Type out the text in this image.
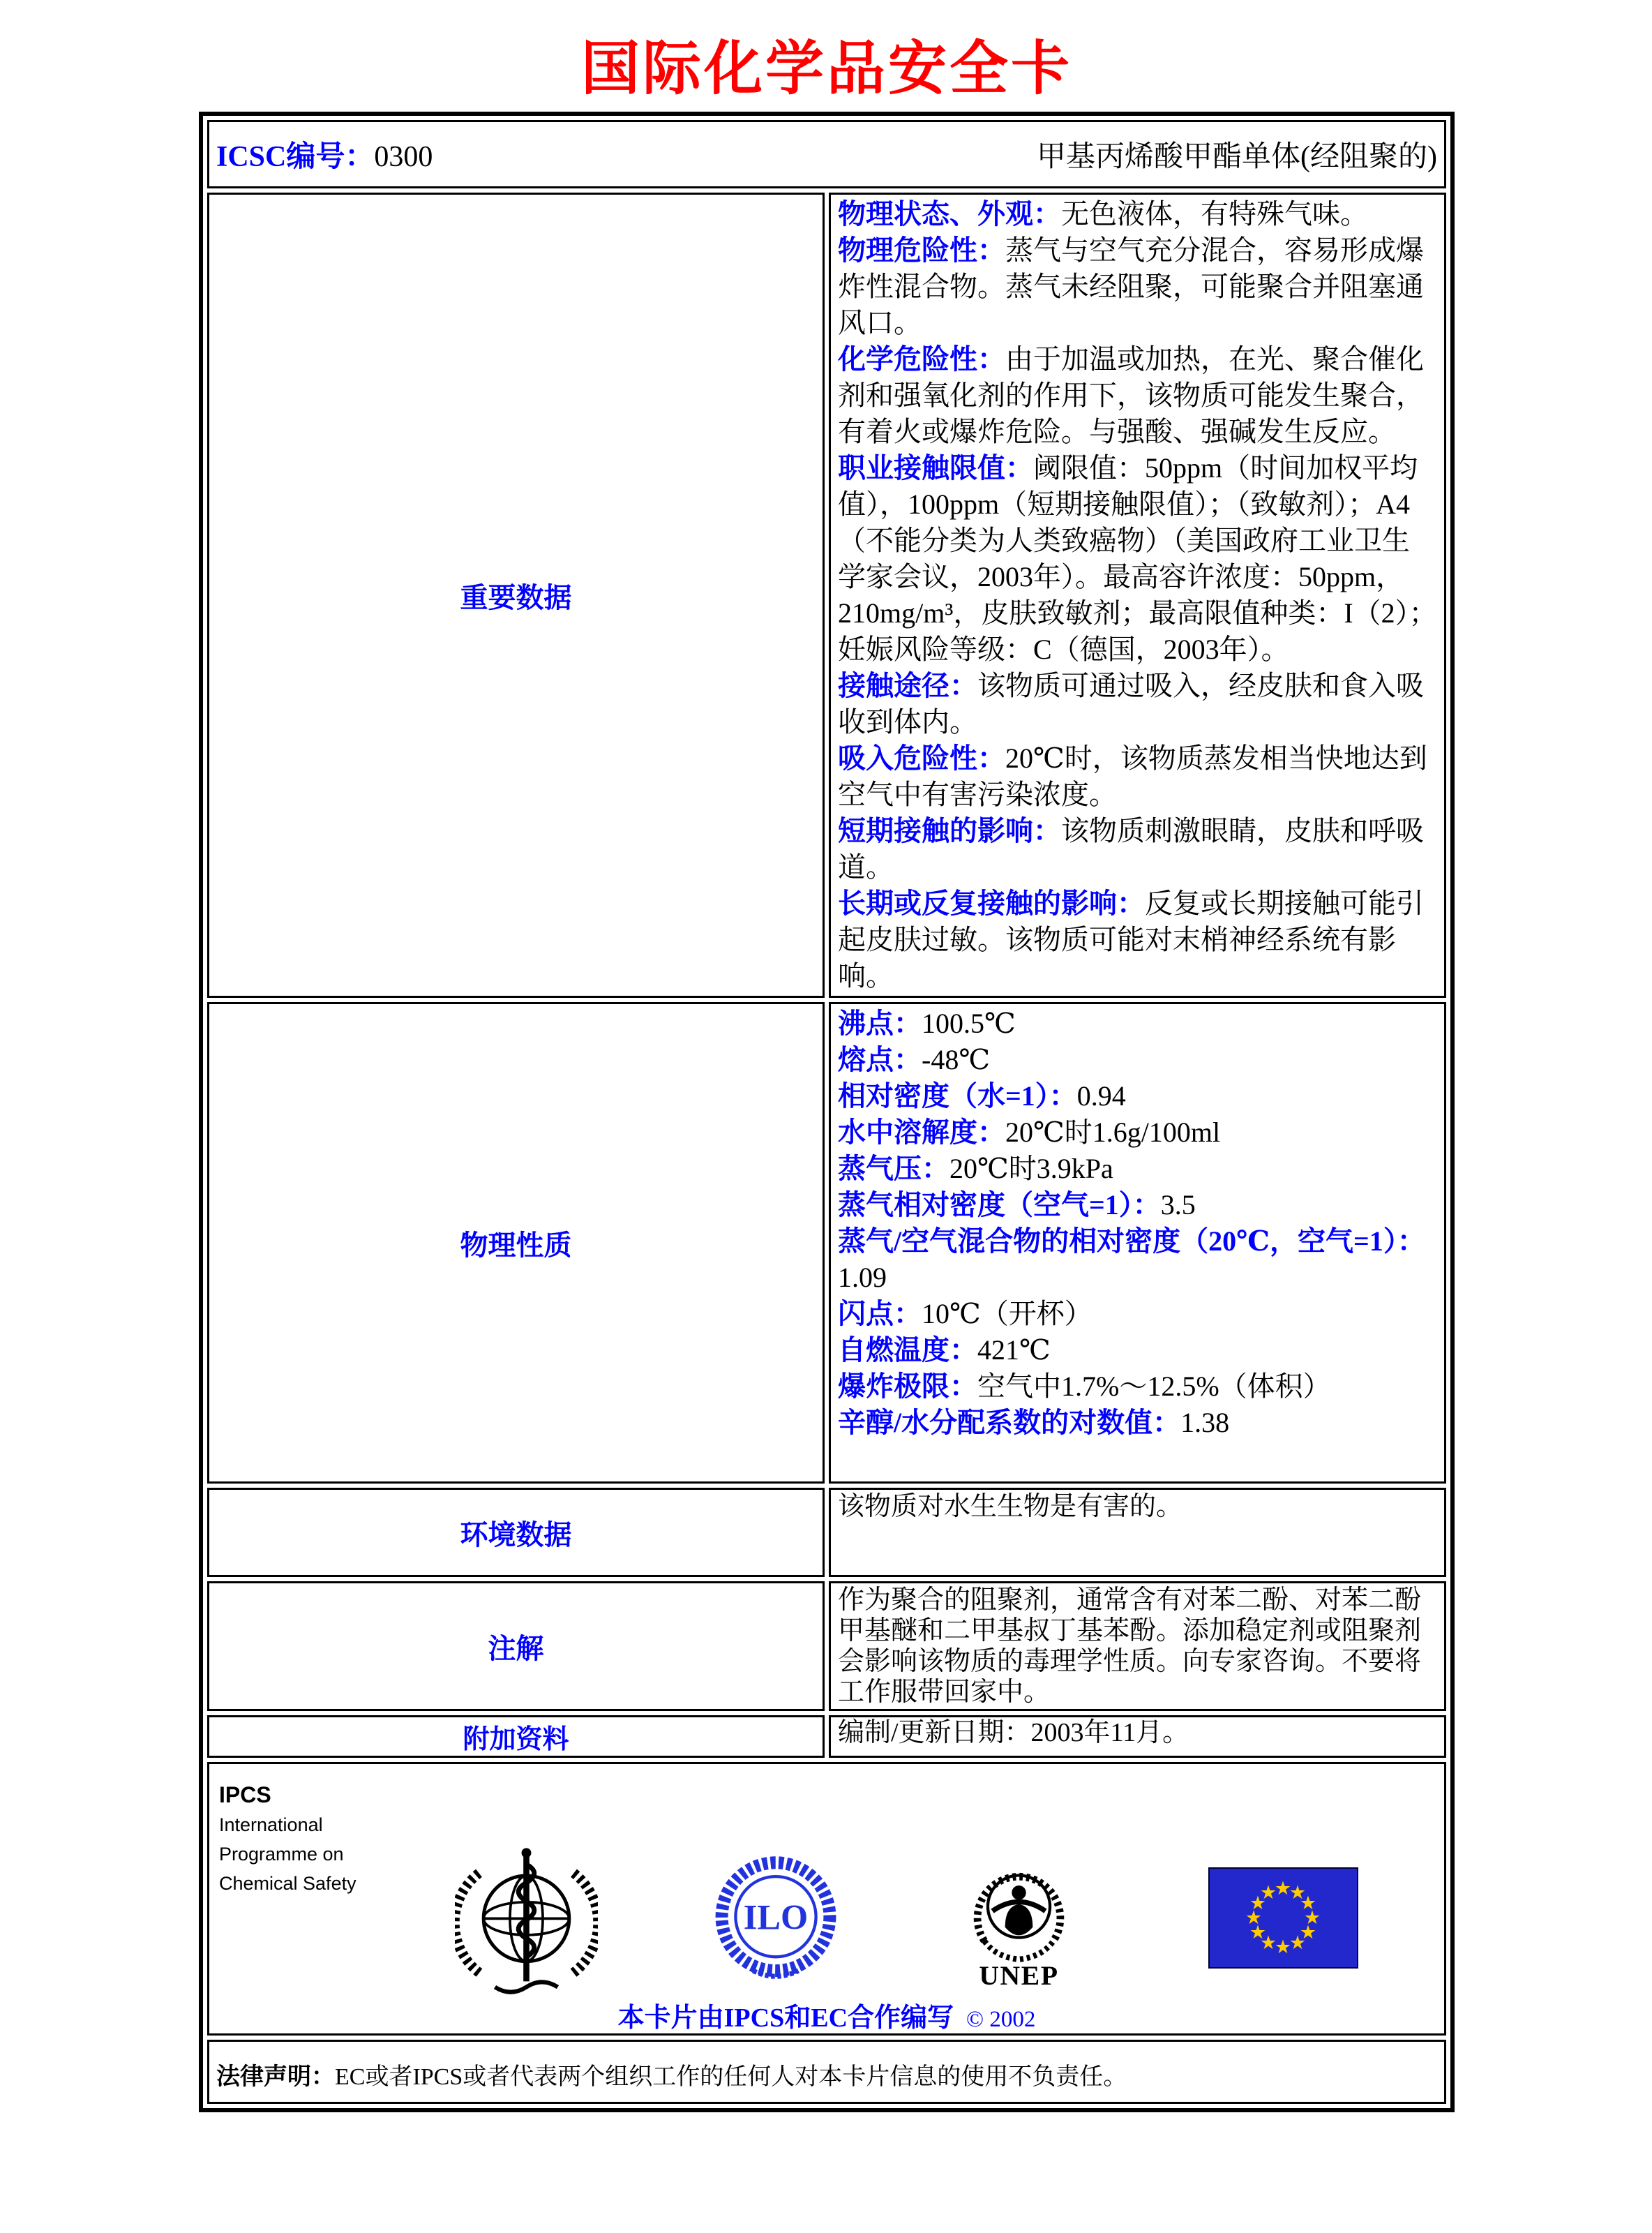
国际化学品安全卡
ICSC编号：0300 甲基丙烯酸甲酯单体(经阻聚的)	

重要数据	
物理状态、外观：无色液体，有特殊气味。
物理危险性：蒸气与空气充分混合，容易形成爆炸性混合物。蒸气未经阻聚，可能聚合并阻塞通风口。
化学危险性：由于加温或加热，在光、聚合催化剂和强氧化剂的作用下，该物质可能发生聚合，有着火或爆炸危险。与强酸、强碱发生反应。
职业接触限值：阈限值：50ppm（时间加权平均值），100ppm（短期接触限值）；（致敏剂）；A4（不能分类为人类致癌物）（美国政府工业卫生学家会议，2003年）。最高容许浓度：50ppm，210mg/m³，皮肤致敏剂；最高限值种类：I（2）；妊娠风险等级：C（德国，2003年）。
接触途径：该物质可通过吸入，经皮肤和食入吸收到体内。
吸入危险性：20℃时，该物质蒸发相当快地达到空气中有害污染浓度。
短期接触的影响：该物质刺激眼睛，皮肤和呼吸道。
长期或反复接触的影响：反复或长期接触可能引起皮肤过敏。该物质可能对末梢神经系统有影响。

物理性质	
沸点：100.5℃
熔点：-48℃
相对密度（水=1）：0.94
水中溶解度：20℃时1.6g/100ml
蒸气压：20℃时3.9kPa
蒸气相对密度（空气=1）：3.5
蒸气/空气混合物的相对密度（20℃，空气=1）：1.09
闪点：10℃（开杯）
自燃温度：421℃
爆炸极限：空气中1.7%～12.5%（体积）
辛醇/水分配系数的对数值：1.38

环境数据	该物质对水生生物是有害的。
注解	作为聚合的阻聚剂，通常含有对苯二酚、对苯二酚甲基醚和二甲基叔丁基苯酚。添加稳定剂或阻聚剂会影响该物质的毒理学性质。向专家咨询。不要将工作服带回家中。
附加资料	编制/更新日期：2003年11月。

IPCS
International
Programme on
Chemical Safety
ILO
UNEP
★
★
★
★
★
★
★
★
★
★
★
★
本卡片由IPCS和EC合作编写 © 2002

法律声明：EC或者IPCS或者代表两个组织工作的任何人对本卡片信息的使用不负责任。	
